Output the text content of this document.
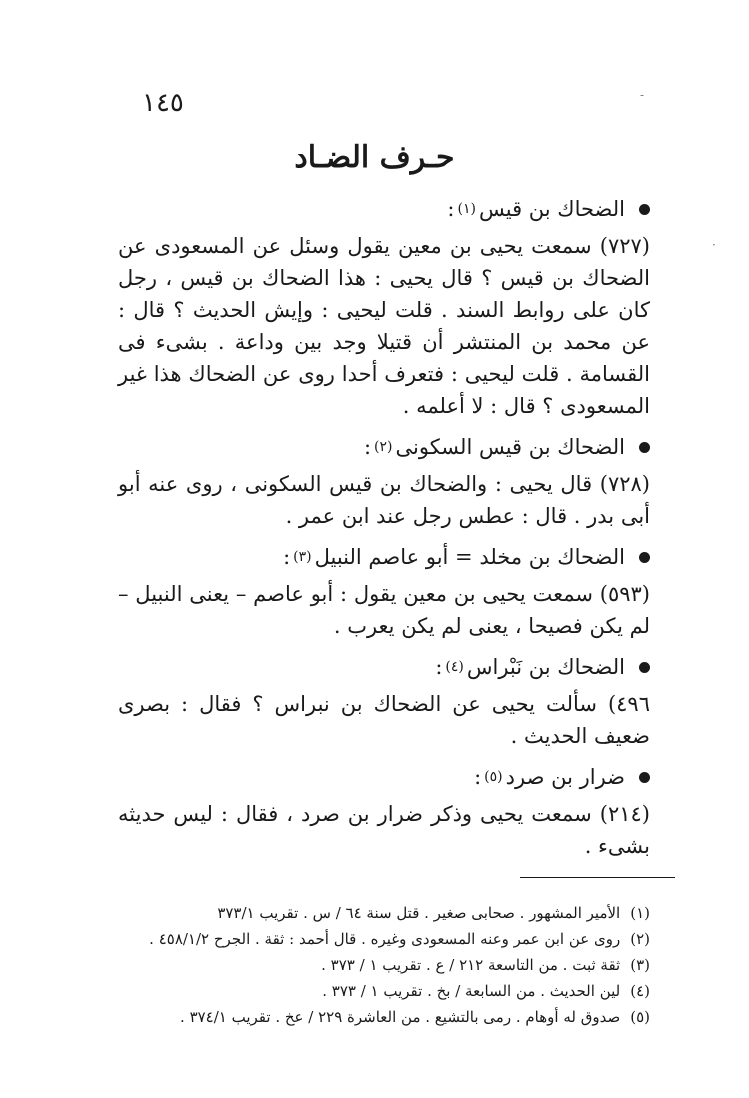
١٤٥
حـرف الضـاد

الضحاك بن قيس
(١)
:

(٧٢٧) سمعت يحيى بن معين يقول وسئل عن المسعودى عن الضحاك بن قيس ؟ قال يحيى : هذا الضحاك بن قيس ، رجل كان على روابط السند . قلت ليحيى : وإيش الحديث ؟ قال : عن محمد بن المنتشر أن قتيلا وجد بين وداعة . بشىء فى القسامة . قلت ليحيى : فتعرف أحدا روى عن الضحاك هذا غير المسعودى ؟ قال : لا أعلمه .

الضحاك بن قيس السكونى
(٢)
:

(٧٢٨) قال يحيى : والضحاك بن قيس السكونى ، روى عنه أبو أبى بدر . قال : عطس رجل عند ابن عمر .

الضحاك بن مخلد = أبو عاصم النبيل
(٣)
:

(٥٩٣) سمعت يحيى بن معين يقول : أبو عاصم – يعنى النبيل – لم يكن فصيحا ، يعنى لم يكن يعرب .

الضحاك بن نَبْراس
(٤)
:

٤٩٦) سألت يحيى عن الضحاك بن نبراس ؟ فقال : بصرى ضعيف الحديث .

ضرار بن صرد
(٥)
:

(٢١٤) سمعت يحيى وذكر ضرار بن صرد ، فقال : ليس حديثه بشىء .

(١)الأمير المشهور . صحابى صغير . قتل سنة ٦٤ / س . تقريب ٣٧٣/١
(٢)روى عن ابن عمر وعنه المسعودى وغيره . قال أحمد : ثقة . الجرح ٤٥٨/١/٢ .
(٣)ثقة ثبت . من التاسعة ٢١٢ / ع . تقريب ١ / ٣٧٣ .
(٤)لين الحديث . من السابعة / بخ . تقريب ١ / ٣٧٣ .
(٥)صدوق له أوهام . رمى بالتشيع . من العاشرة ٢٢٩ / عخ . تقريب ٣٧٤/١ .
-
·
